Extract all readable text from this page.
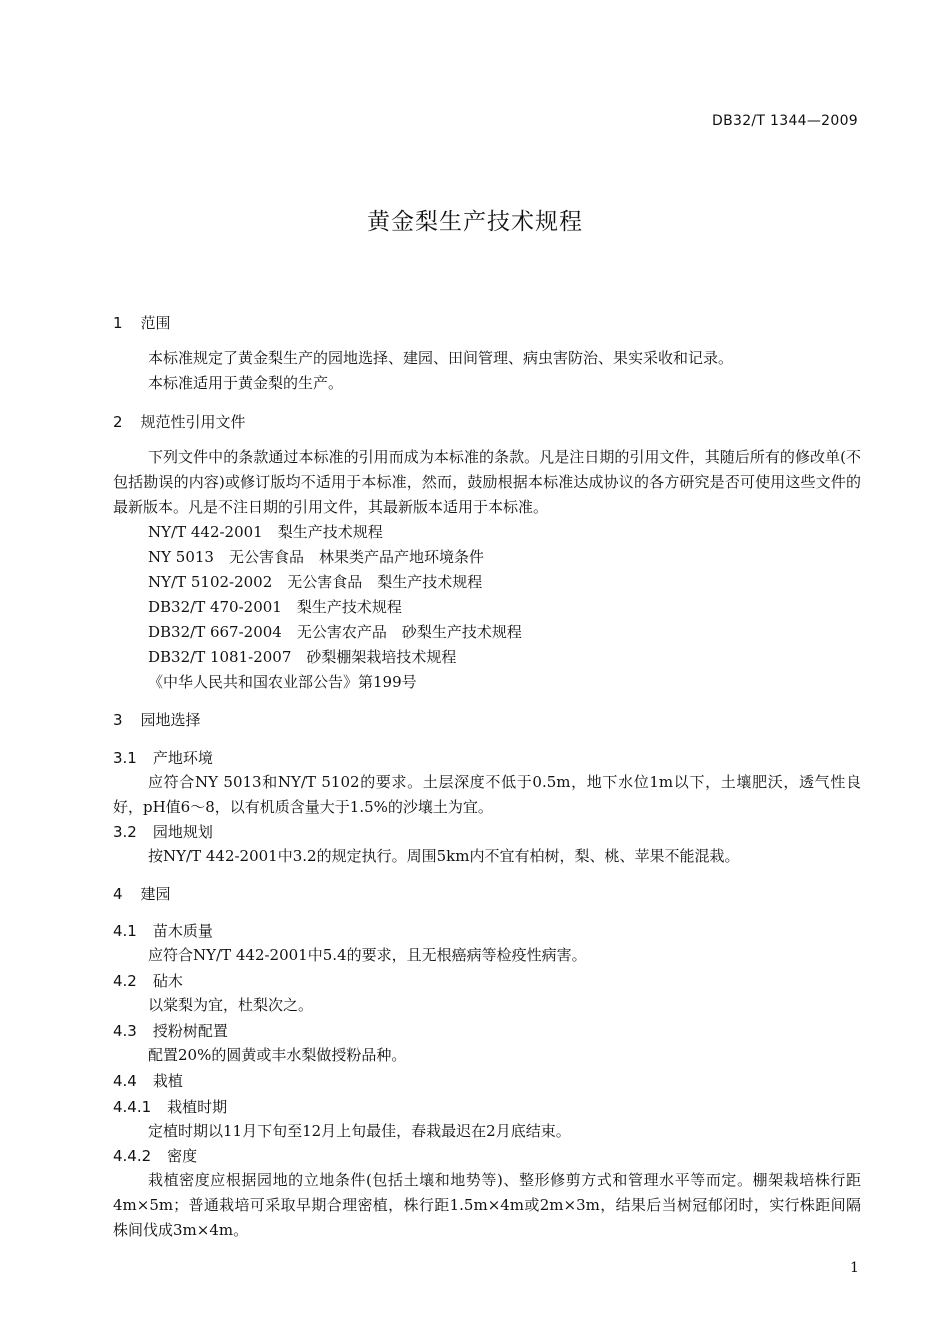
DB32/T 1344—2009
黄金梨生产技术规程
1 范围
本标准规定了黄金梨生产的园地选择、建园、田间管理、病虫害防治、果实采收和记录。
本标准适用于黄金梨的生产。
2 规范性引用文件
下列文件中的条款通过本标准的引用而成为本标准的条款。凡是注日期的引用文件，其随后所有的修改单(不包括勘误的内容)或修订版均不适用于本标准，然而，鼓励根据本标准达成协议的各方研究是否可使用这些文件的最新版本。凡是不注日期的引用文件，其最新版本适用于本标准。
NY/T 442-2001　梨生产技术规程
NY 5013　无公害食品　林果类产品产地环境条件
NY/T 5102-2002　无公害食品　梨生产技术规程
DB32/T 470-2001　梨生产技术规程
DB32/T 667-2004　无公害农产品　砂梨生产技术规程
DB32/T 1081-2007　砂梨棚架栽培技术规程
《中华人民共和国农业部公告》第199号
3 园地选择
3.1 产地环境
应符合NY 5013和NY/T 5102的要求。土层深度不低于0.5m，地下水位1m以下，土壤肥沃，透气性良好，pH值6～8，以有机质含量大于1.5%的沙壤土为宜。
3.2 园地规划
按NY/T 442-2001中3.2的规定执行。周围5km内不宜有柏树，梨、桃、苹果不能混栽。
4 建园
4.1 苗木质量
应符合NY/T 442-2001中5.4的要求，且无根癌病等检疫性病害。
4.2 砧木
以棠梨为宜，杜梨次之。
4.3 授粉树配置
配置20%的圆黄或丰水梨做授粉品种。
4.4 栽植
4.4.1 栽植时期
定植时期以11月下旬至12月上旬最佳，春栽最迟在2月底结束。
4.4.2 密度
栽植密度应根据园地的立地条件(包括土壤和地势等)、整形修剪方式和管理水平等而定。棚架栽培株行距4m×5m；普通栽培可采取早期合理密植，株行距1.5m×4m或2m×3m，结果后当树冠郁闭时，实行株距间隔株间伐成3m×4m。
1
